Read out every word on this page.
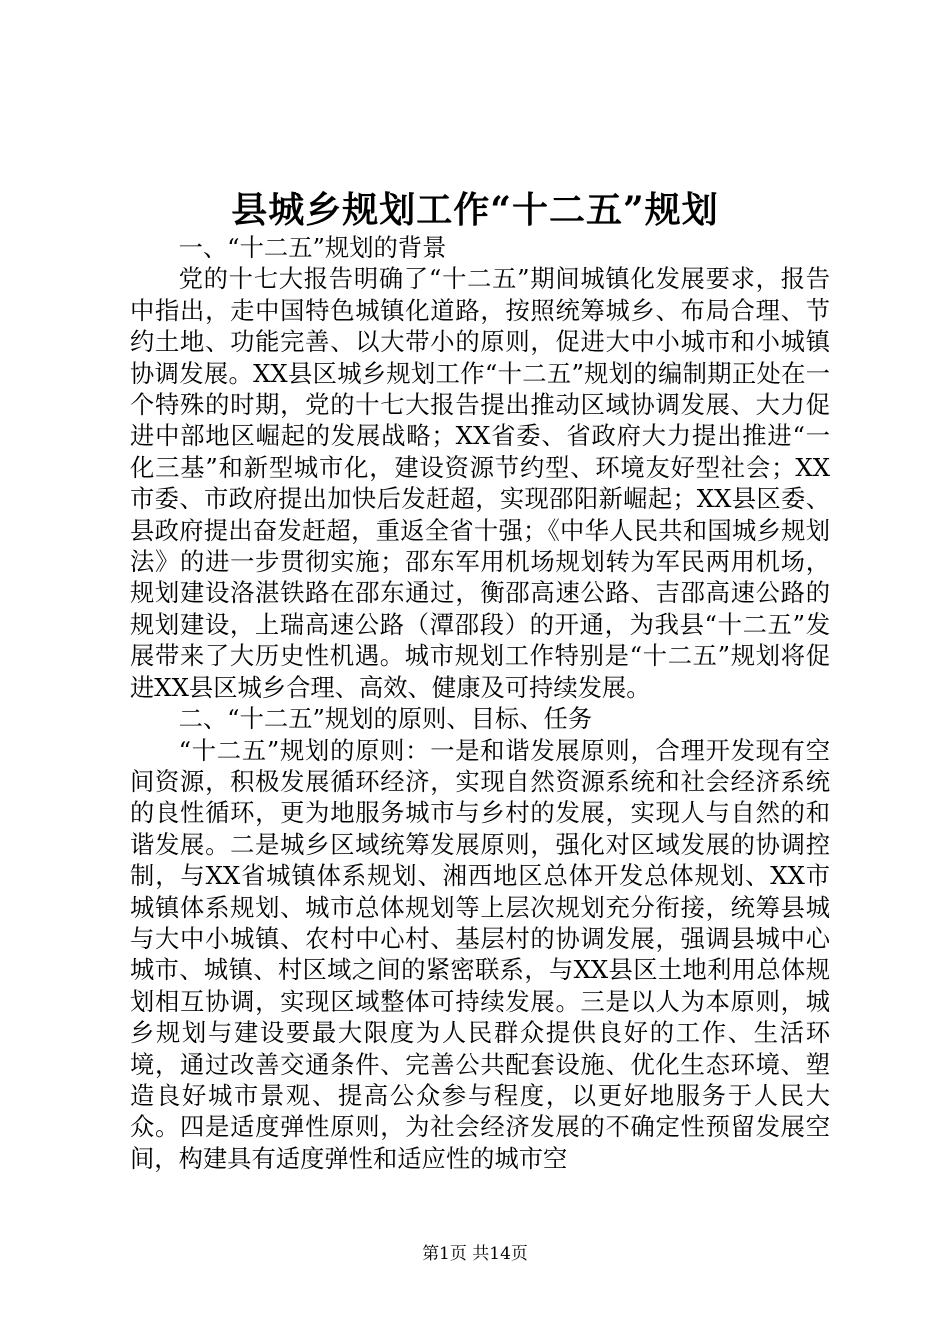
县城乡规划工作“十二五”规划

一、“十二五”规划的背景

党的十七大报告明确了“十二五”期间城镇化发展要求，报告中指出，走中国特色城镇化道路，按照统筹城乡、布局合理、节约土地、功能完善、以大带小的原则，促进大中小城市和小城镇协调发展。XX县区城乡规划工作“十二五”规划的编制期正处在一个特殊的时期，党的十七大报告提出推动区域协调发展、大力促进中部地区崛起的发展战略；XX省委、省政府大力提出推进“一化三基”和新型城市化，建设资源节约型、环境友好型社会；XX市委、市政府提出加快后发赶超，实现邵阳新崛起；XX县区委、县政府提出奋发赶超，重返全省十强；《中华人民共和国城乡规划法》的进一步贯彻实施；邵东军用机场规划转为军民两用机场，规划建设洛湛铁路在邵东通过，衡邵高速公路、吉邵高速公路的规划建设，上瑞高速公路（潭邵段）的开通，为我县“十二五”发展带来了大历史性机遇。城市规划工作特别是“十二五”规划将促进XX县区城乡合理、高效、健康及可持续发展。

二、“十二五”规划的原则、目标、任务

“十二五”规划的原则：一是和谐发展原则，合理开发现有空间资源，积极发展循环经济，实现自然资源系统和社会经济系统的良性循环，更为地服务城市与乡村的发展，实现人与自然的和谐发展。二是城乡区域统筹发展原则，强化对区域发展的协调控制，与XX省城镇体系规划、湘西地区总体开发总体规划、XX市城镇体系规划、城市总体规划等上层次规划充分衔接，统筹县城与大中小城镇、农村中心村、基层村的协调发展，强调县城中心城市、城镇、村区域之间的紧密联系，与XX县区土地利用总体规划相互协调，实现区域整体可持续发展。三是以人为本原则，城乡规划与建设要最大限度为人民群众提供良好的工作、生活环境，通过改善交通条件、完善公共配套设施、优化生态环境、塑造良好城市景观、提高公众参与程度，以更好地服务于人民大众。四是适度弹性原则，为社会经济发展的不确定性预留发展空间，构建具有适度弹性和适应性的城市空

第1页 共14页
